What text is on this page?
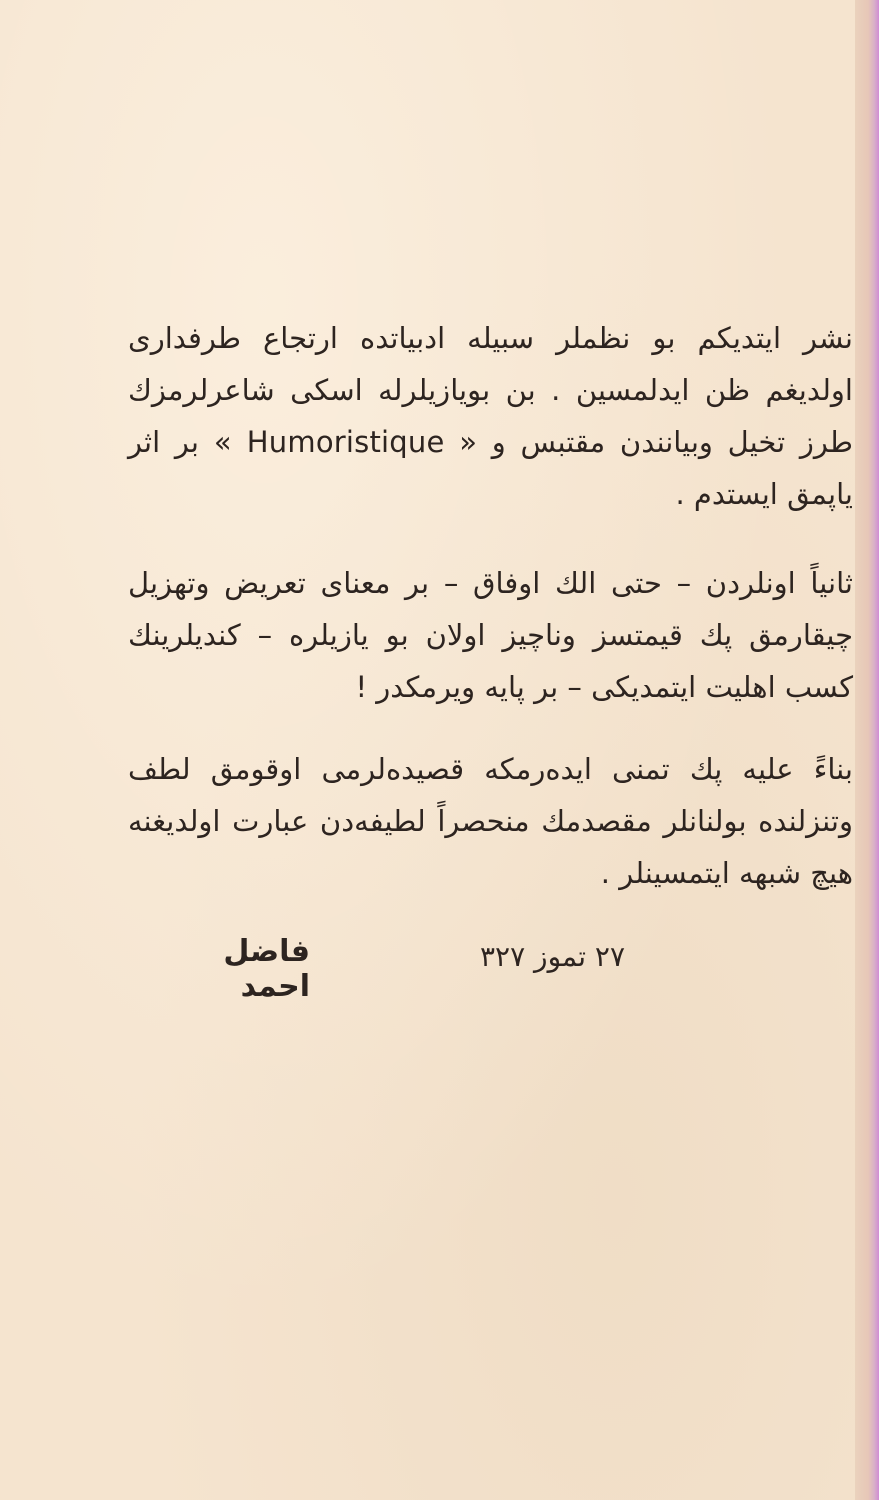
نشر ایتدیکم بو نظملر سبیله ادبیاتده ارتجاع طرفداری اولدیغم ظن ایدلمسین . بن بویازیلرله اسکی شاعرلرمزك طرز تخیل وبیانندن مقتبس و « Humoristique » بر اثر یاپمق ایستدم .
ثانیاً اونلردن – حتی الك اوفاق – بر معنای تعریض وتهزیل چیقارمق پك قیمتسز وناچیز اولان بو یازیلره – کندیلرینك کسب اهلیت ایتمدیکی – بر پایه ویرمکدر !
بناءً علیه پك تمنی ایدەرمکه قصیدەلرمی اوقومق لطف وتنزلنده بولنانلر مقصدمك منحصراً لطیفەدن عبارت اولدیغنه هیچ شبهه ایتمسینلر .
۲۷ تموز ۳۲۷
فاضل احمد
